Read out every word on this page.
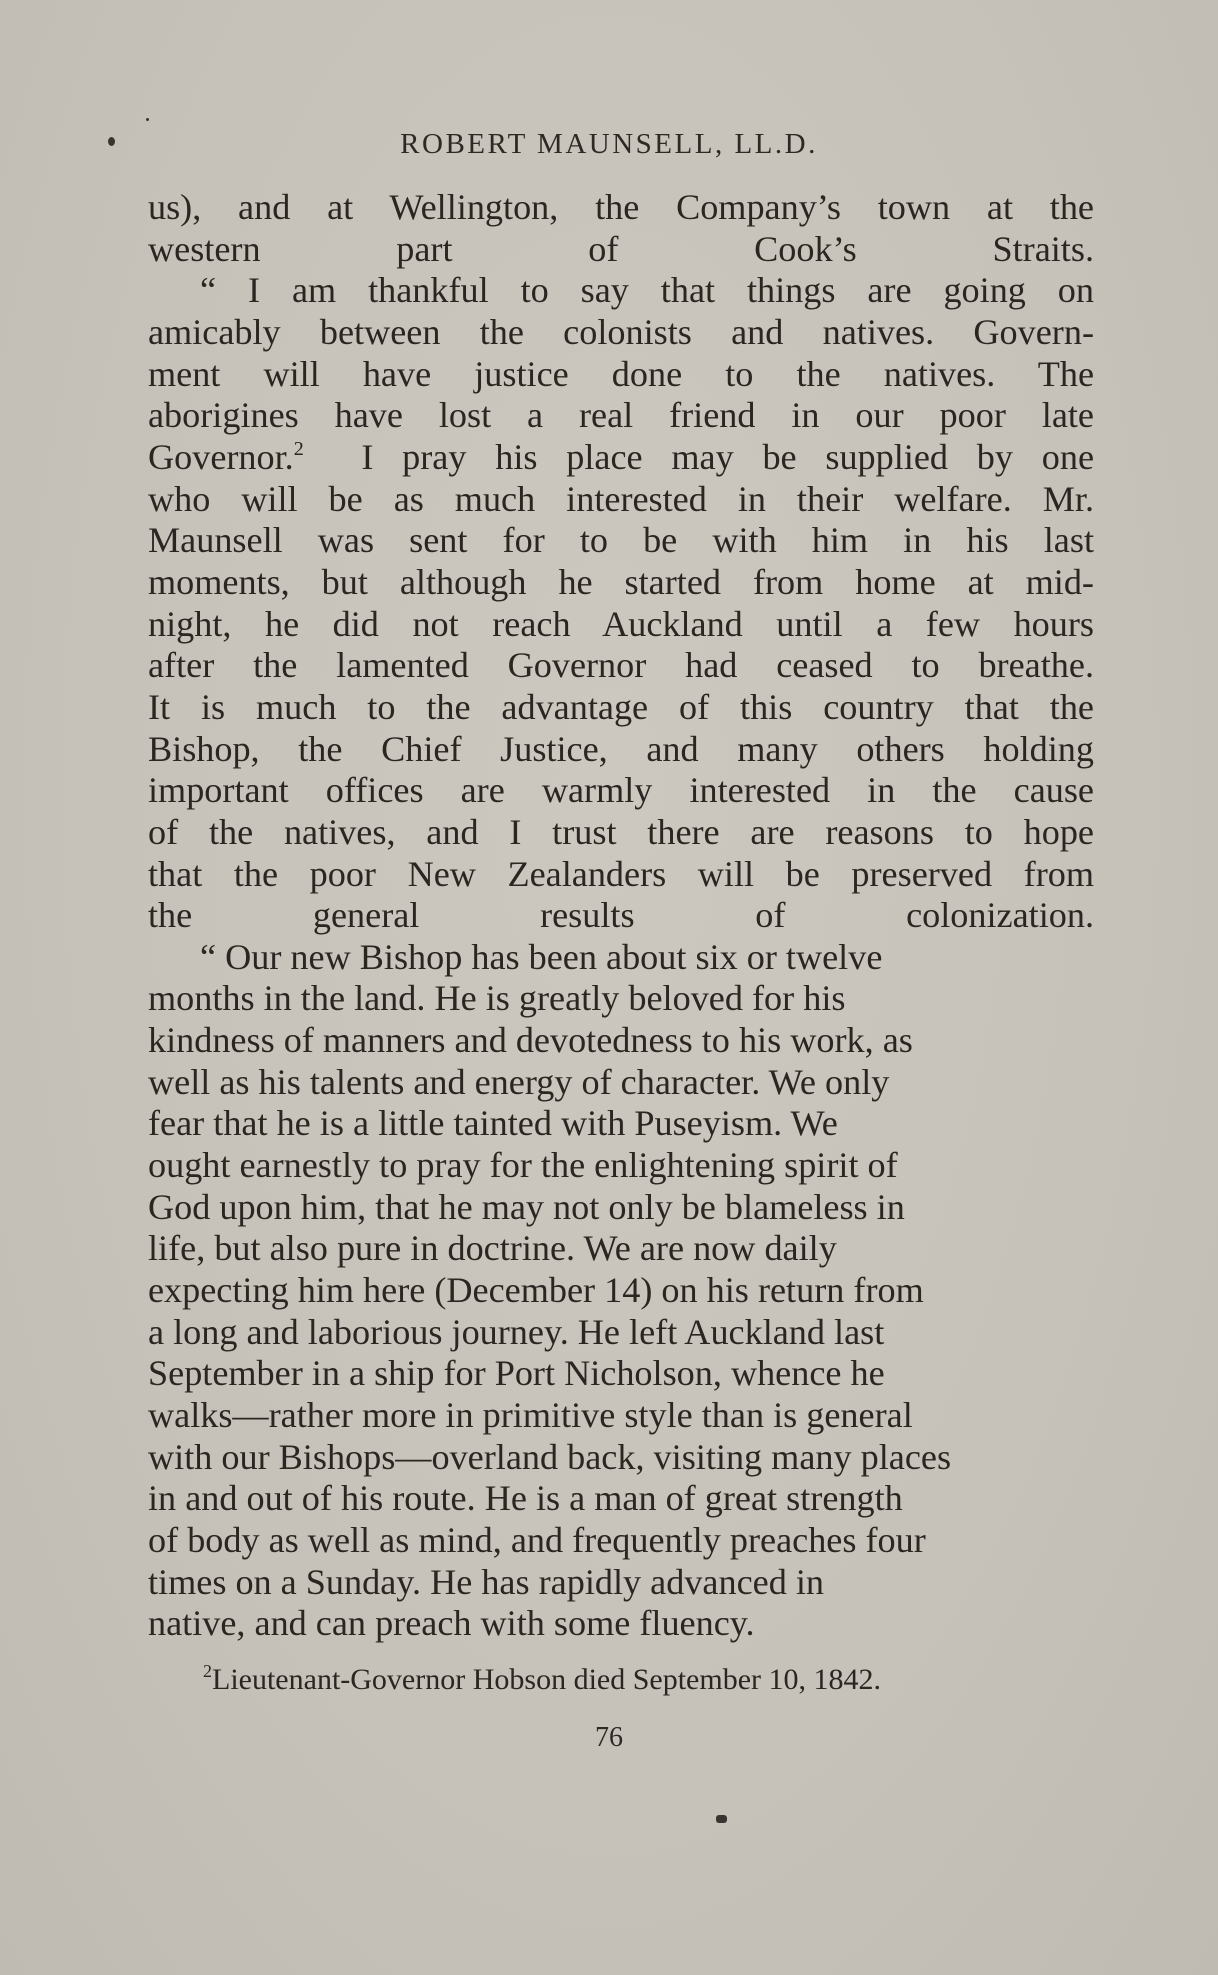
ROBERT MAUNSELL, LL.D.

us), and at Wellington, the Company’s town at the
western part of Cook’s Straits.

“ I am thankful to say that things are going on
amicably between the colonists and natives. Govern-
ment will have justice done to the natives. The
aborigines have lost a real friend in our poor late
Governor.$^2$ I pray his place may be supplied by one
who will be as much interested in their welfare. Mr.
Maunsell was sent for to be with him in his last
moments, but although he started from home at mid-
night, he did not reach Auckland until a few hours
after the lamented Governor had ceased to breathe.
It is much to the advantage of this country that the
Bishop, the Chief Justice, and many others holding
important offices are warmly interested in the cause
of the natives, and I trust there are reasons to hope
that the poor New Zealanders will be preserved from
the general results of colonization.

“ Our new Bishop has been about six or twelve
months in the land. He is greatly beloved for his
kindness of manners and devotedness to his work, as
well as his talents and energy of character. We only
fear that he is a little tainted with Puseyism. We
ought earnestly to pray for the enlightening spirit of
God upon him, that he may not only be blameless in
life, but also pure in doctrine. We are now daily
expecting him here (December 14) on his return from
a long and laborious journey. He left Auckland last
September in a ship for Port Nicholson, whence he
walks—rather more in primitive style than is general
with our Bishops—overland back, visiting many places
in and out of his route. He is a man of great strength
of body as well as mind, and frequently preaches four
times on a Sunday. He has rapidly advanced in
native, and can preach with some fluency.

$^2$Lieutenant-Governor Hobson died September 10, 1842.
76
